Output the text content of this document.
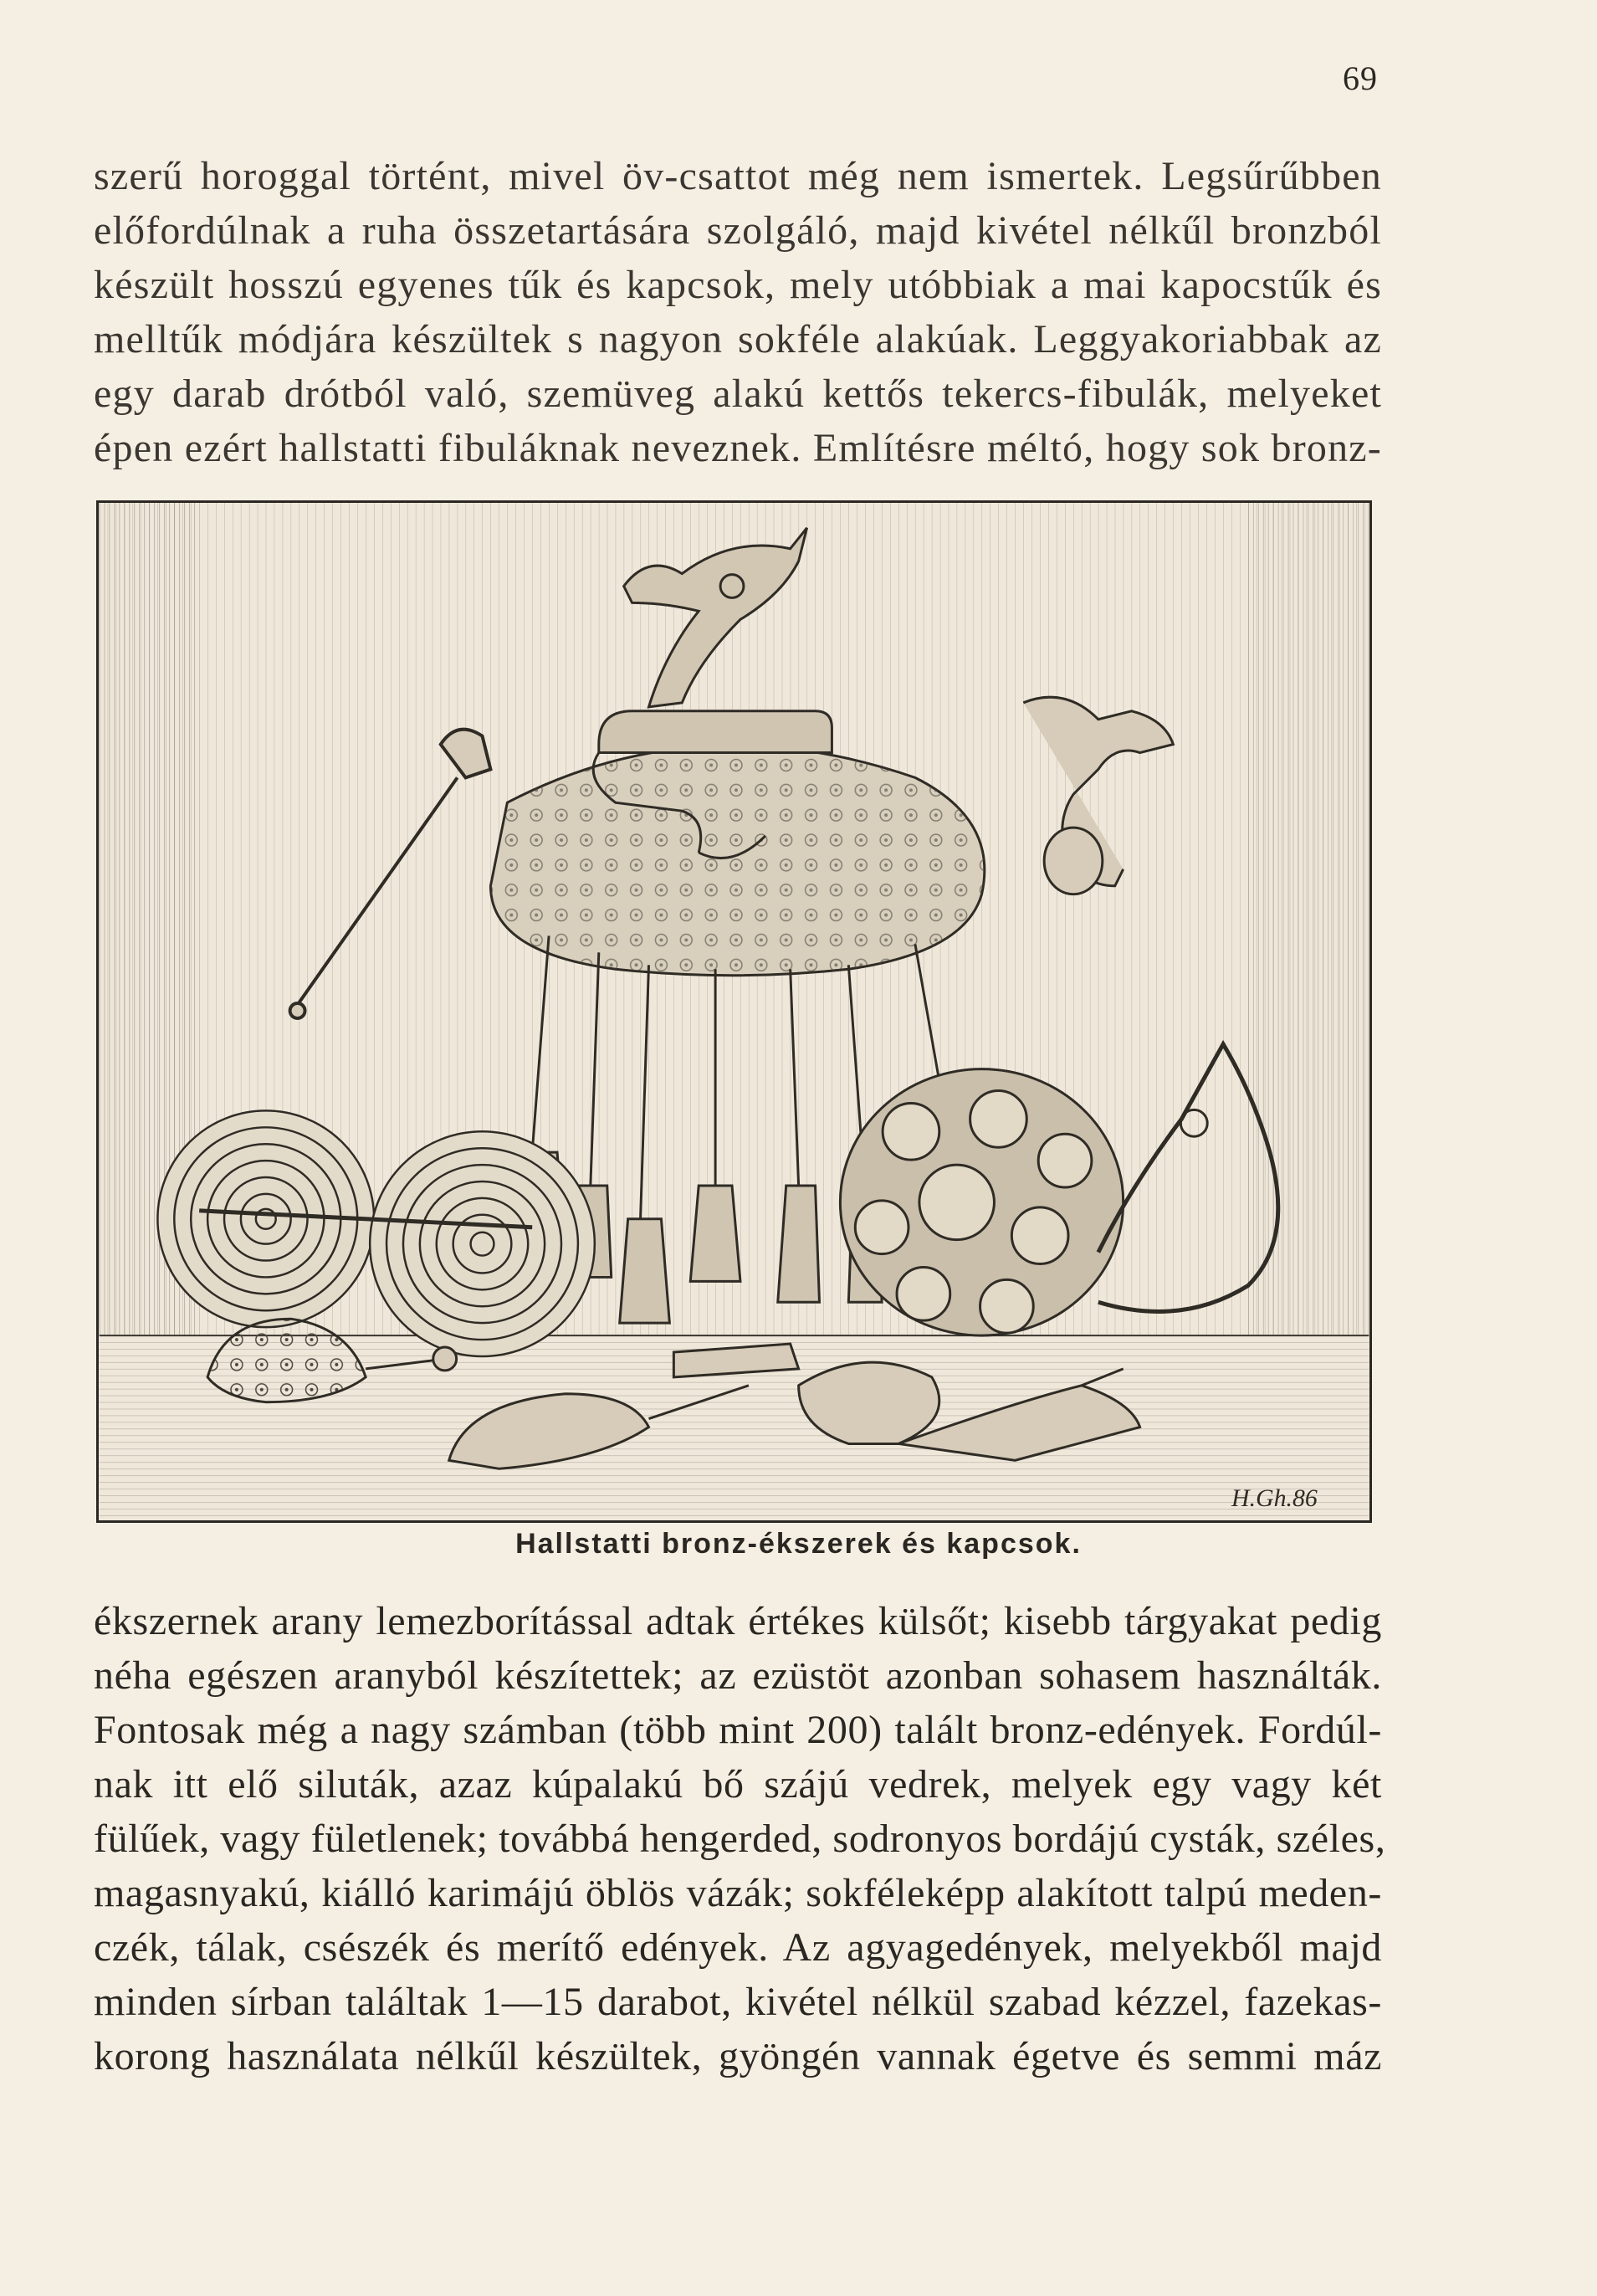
69
szerű horoggal történt, mivel öv-csattot még nem ismertek. Legsűrűbben
előfordúlnak a ruha összetartására szolgáló, majd kivétel nélkűl bronzból
készült hosszú egyenes tűk és kapcsok, mely utóbbiak a mai kapocstűk és
melltűk módjára készültek s nagyon sokféle alakúak. Leggyakoriabbak az
egy darab drótból való, szemüveg alakú kettős tekercs-fibulák, melyeket
épen ezért hallstatti fibuláknak neveznek. Említésre méltó, hogy sok bronz-
H.Gh.86
Hallstatti bronz-ékszerek és kapcsok.
ékszernek arany lemezborítással adtak értékes külsőt; kisebb tárgyakat pedig
néha egészen aranyból készítettek; az ezüstöt azonban sohasem használták.
Fontosak még a nagy számban (több mint 200) talált bronz-edények. Fordúl-
nak itt elő siluták, azaz kúpalakú bő szájú vedrek, melyek egy vagy két
fülűek, vagy fületlenek; továbbá hengerded, sodronyos bordájú cysták, széles,
magasnyakú, kiálló karimájú öblös vázák; sokféleképp alakított talpú meden-
czék, tálak, csészék és merítő edények. Az agyagedények, melyekből majd
minden sírban találtak 1—15 darabot, kivétel nélkül szabad kézzel, fazekas-
korong használata nélkűl készültek, gyöngén vannak égetve és semmi máz
